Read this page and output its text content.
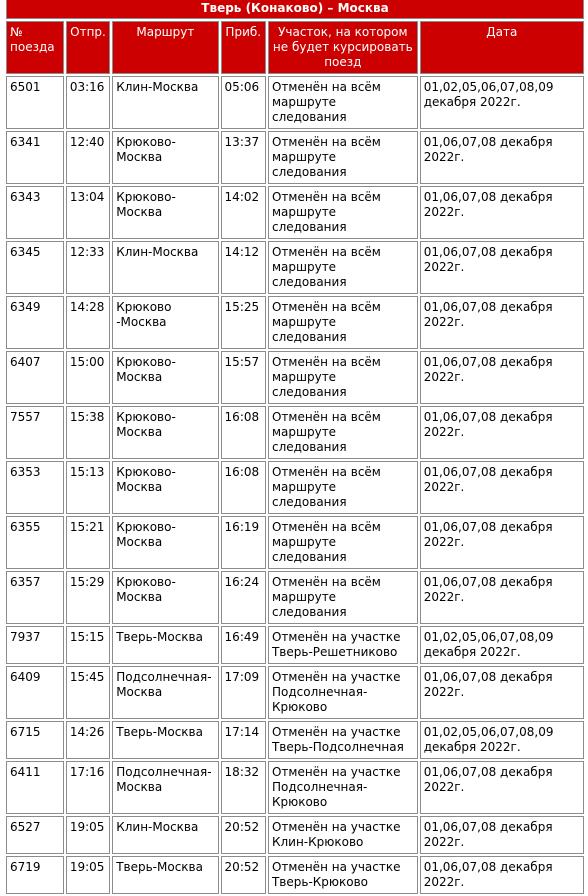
Тверь (Конаково) – Москва					
№ поезда	Отпр.	Маршрут	Приб.	Участок, на котором не будет курсировать поезд	Дата
6501	03:16	Клин-Москва	05:06	Отменён на всём маршруте следования	01,02,05,06,07,08,09 декабря 2022г.
6341	12:40	Крюково-Москва	13:37	Отменён на всём маршруте следования	01,06,07,08 декабря 2022г.
6343	13:04	Крюково-Москва	14:02	Отменён на всём маршруте следования	01,06,07,08 декабря 2022г.
6345	12:33	Клин-Москва	14:12	Отменён на всём маршруте следования	01,06,07,08 декабря 2022г.
6349	14:28	Крюково -Москва	15:25	Отменён на всём маршруте следования	01,06,07,08 декабря 2022г.
6407	15:00	Крюково-Москва	15:57	Отменён на всём маршруте следования	01,06,07,08 декабря 2022г.
7557	15:38	Крюково-Москва	16:08	Отменён на всём маршруте следования	01,06,07,08 декабря 2022г.
6353	15:13	Крюково-Москва	16:08	Отменён на всём маршруте следования	01,06,07,08 декабря 2022г.
6355	15:21	Крюково-Москва	16:19	Отменён на всём маршруте следования	01,06,07,08 декабря 2022г.
6357	15:29	Крюково-Москва	16:24	Отменён на всём маршруте следования	01,06,07,08 декабря 2022г.
7937	15:15	Тверь-Москва	16:49	Отменён на участке Тверь-Решетниково	01,02,05,06,07,08,09 декабря 2022г.
6409	15:45	Подсолнечная-Москва	17:09	Отменён на участке Подсолнечная-Крюково	01,06,07,08 декабря 2022г.
6715	14:26	Тверь-Москва	17:14	Отменён на участке Тверь-Подсолнечная	01,02,05,06,07,08,09 декабря 2022г.
6411	17:16	Подсолнечная-Москва	18:32	Отменён на участке Подсолнечная-Крюково	01,06,07,08 декабря 2022г.
6527	19:05	Клин-Москва	20:52	Отменён на участке Клин-Крюково	01,06,07,08 декабря 2022г.
6719	19:05	Тверь-Москва	20:52	Отменён на участке Тверь-Крюково	01,06,07,08 декабря 2022г.
